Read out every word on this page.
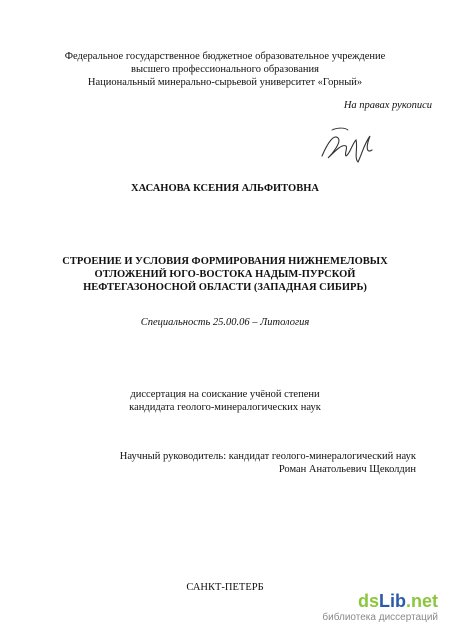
Федеральное государственное бюджетное образовательное учреждение
высшего профессионального образования
Национальный минерально-сырьевой университет «Горный»
На правах рукописи
ХАСАНОВА КСЕНИЯ АЛЬФИТОВНА
СТРОЕНИЕ И УСЛОВИЯ ФОРМИРОВАНИЯ НИЖНЕМЕЛОВЫХ
ОТЛОЖЕНИЙ ЮГО-ВОСТОКА НАДЫМ-ПУРСКОЙ
НЕФТЕГАЗОНОСНОЙ ОБЛАСТИ (ЗАПАДНАЯ СИБИРЬ)
Специальность 25.00.06 – Литология
диссертация на соискание учёной степени
кандидата геолого-минералогических наук
Научный руководитель: кандидат геолого-минералогический наук
Роман Анатольевич Щеколдин
САНКТ-ПЕТЕРБ
dsLib.net
библиотека диссертаций
